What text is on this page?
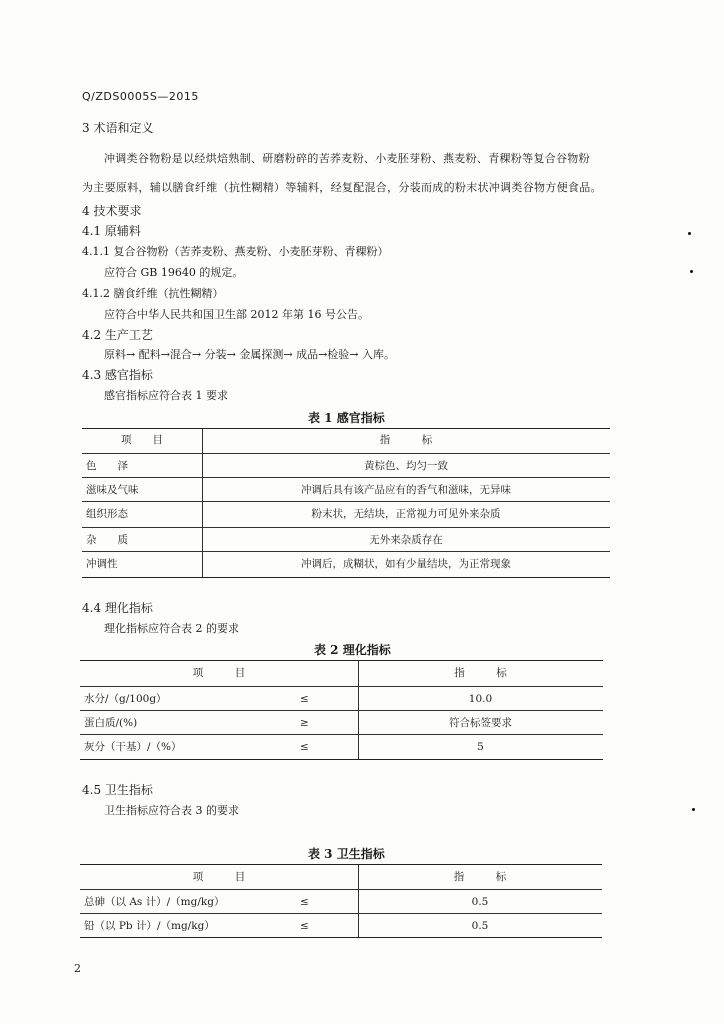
Q/ZDS0005S—2015
3 术语和定义
冲调类谷物粉是以经烘焙熟制、研磨粉碎的苦荞麦粉、小麦胚芽粉、燕麦粉、青稞粉等复合谷物粉
为主要原料，辅以膳食纤维（抗性糊精）等辅料，经复配混合，分装而成的粉末状冲调类谷物方便食品。
4 技术要求
4.1 原辅料
4.1.1 复合谷物粉（苦荞麦粉、燕麦粉、小麦胚芽粉、青稞粉）
应符合 GB 19640 的规定。
4.1.2 膳食纤维（抗性糊精）
应符合中华人民共和国卫生部 2012 年第 16 号公告。
4.2 生产工艺
原料→ 配料→混合→ 分装→ 金属探测→ 成品→检验→ 入库。
4.3 感官指标
感官指标应符合表 1 要求
表 1 感官指标
项　　目	指　　　标
色　　泽	黄棕色、均匀一致
滋味及气味	冲调后具有该产品应有的香气和滋味，无异味
组织形态	粉末状，无结块，正常视力可见外来杂质
杂　　质	无外来杂质存在
冲调性	冲调后，成糊状，如有少量结块，为正常现象
4.4 理化指标
理化指标应符合表 2 的要求
表 2 理化指标
项　　　目	指　　　标
水分/（g/100g）	≤	10.0
蛋白质/(%)	≥	符合标签要求
灰分（干基）/（%）	≤	5
4.5 卫生指标
卫生指标应符合表 3 的要求
表 3 卫生指标
项　　　目	指　　　标
总砷（以 As 计）/（mg/kg）	≤	0.5
铅（以 Pb 计）/（mg/kg）	≤	0.5
2
